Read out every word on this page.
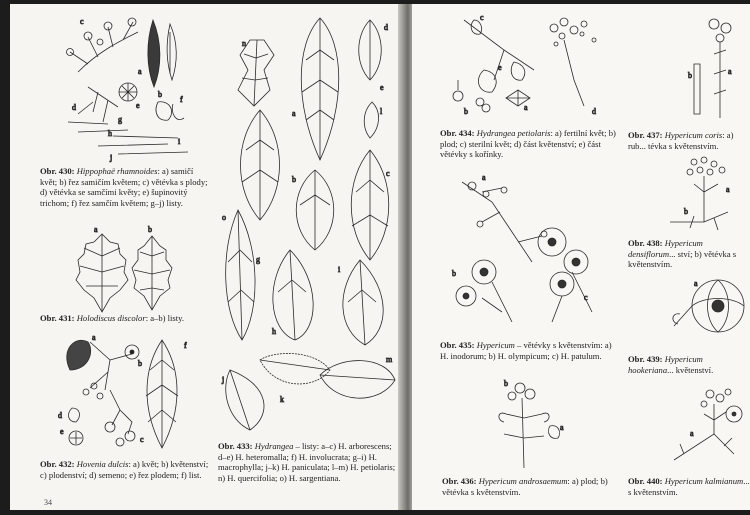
c
a
b
e
d
f
g
h
i
j
Obr. 430: Hippophaë rhamnoides: a) samičí květ; b) řez samičím květem; c) větévka s plody; d) větévka se samčími květy; e) šupinovitý trichom; f) řez samčím květem; g–j) listy.
a	b
Obr. 431: Holodiscus discolor: a–b) listy.
a
b
f
d
e
c
Obr. 432: Hovenia dulcis: a) květ; b) květenství; c) plodenství; d) semeno; e) řez plodem; f) list.
n
a
d
e
b
c
l
o
g
i
h
j
k
m
Obr. 433: Hydrangea – listy: a–c) H. arborescens; d–e) H. heteromalla; f) H. involucrata; g–i) H. macrophylla; j–k) H. paniculata; l–m) H. petiolaris; n) H. quercifolia; o) H. sargentiana.
34
c
e
b	a	d
Obr. 434: Hydrangea petiolaris: a) fertilní květ; b) plod; c) sterilní květ; d) část květenství; e) část větévky s kořínky.
a
b
c
Obr. 435: Hypericum – větévky s květenstvím: a) H. inodorum; b) H. olympicum; c) H. patulum.
b
a
Obr. 436: Hypericum androsaemum: a) plod; b) větévka s květenstvím.
b	a
Obr. 437: Hypericum coris: a) rub... tévka s květenstvím.
a
b
Obr. 438: Hypericum densiflorum... ství; b) větévka s květenstvím.
a
Obr. 439: Hypericum hookeriana... květenství.
a
Obr. 440: Hypericum kalmianum... s květenstvím.
